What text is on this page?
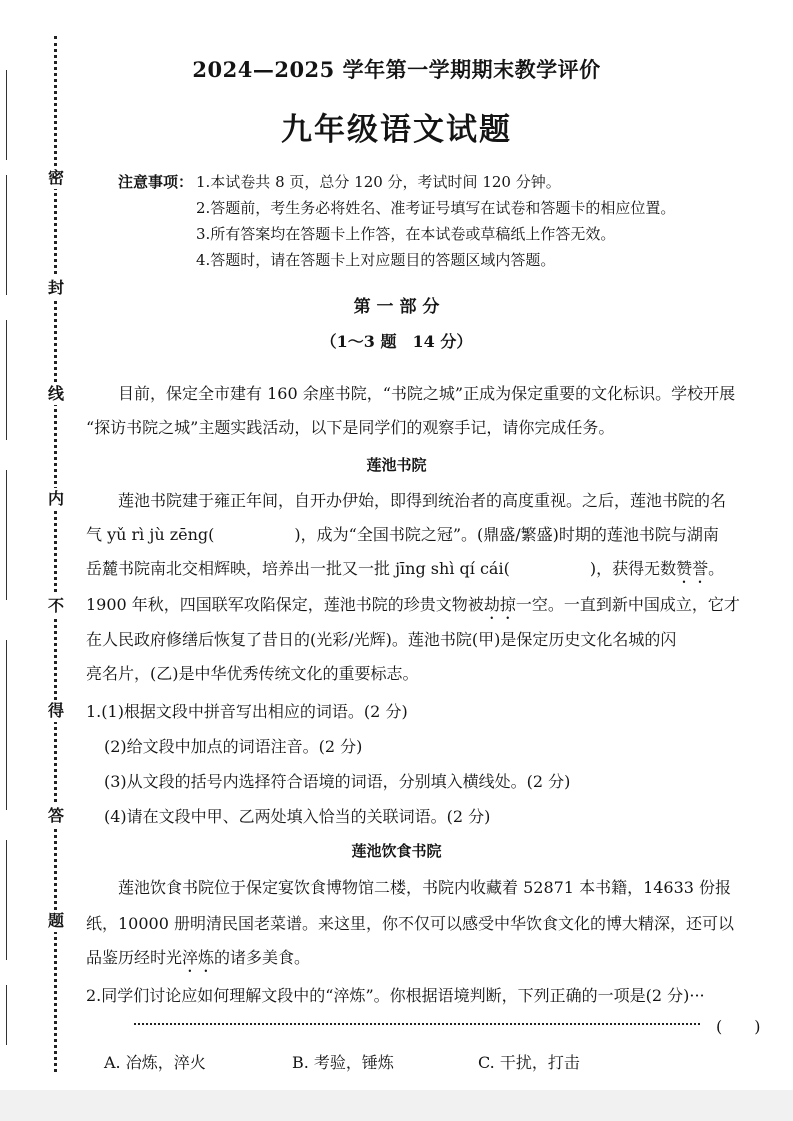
密
封
线
内
不
得
答
题
2024—2025 学年第一学期期末教学评价
九年级语文试题
注意事项： 1.本试卷共 8 页，总分 120 分，考试时间 120 分钟。
2.答题前，考生务必将姓名、准考证号填写在试卷和答题卡的相应位置。
3.所有答案均在答题卡上作答，在本试卷或草稿纸上作答无效。
4.答题时，请在答题卡上对应题目的答题区域内答题。
第 一 部 分
（1～3 题　14 分）
目前，保定全市建有 160 余座书院，“书院之城”正成为保定重要的文化标识。学校开展
“探访书院之城”主题实践活动，以下是同学们的观察手记，请你完成任务。
莲池书院
莲池书院建于雍正年间，自开办伊始，即得到统治者的高度重视。之后，莲池书院的名
气 yǔ rì jù zēng(	)，成为“全国书院之冠”。(鼎盛/繁盛)时期的莲池书院与湖南
岳麓书院南北交相辉映，培养出一批又一批 jīng shì qí cái(	)，获得无数赞誉。
1900 年秋，四国联军攻陷保定，莲池书院的珍贵文物被劫掠一空。一直到新中国成立，它才
在人民政府修缮后恢复了昔日的(光彩/光辉)。莲池书院(甲)是保定历史文化名城的闪
亮名片，(乙)是中华优秀传统文化的重要标志。
1.(1)根据文段中拼音写出相应的词语。(2 分)
(2)给文段中加点的词语注音。(2 分)
(3)从文段的括号内选择符合语境的词语，分别填入横线处。(2 分)
(4)请在文段中甲、乙两处填入恰当的关联词语。(2 分)
莲池饮食书院
莲池饮食书院位于保定宴饮食博物馆二楼，书院内收藏着 52871 本书籍，14633 份报
纸，10000 册明清民国老菜谱。来这里，你不仅可以感受中华饮食文化的博大精深，还可以
品鉴历经时光淬炼的诸多美食。
2.同学们讨论应如何理解文段中的“淬炼”。你根据语境判断，下列正确的一项是(2 分)···
(　　)
A. 冶炼，淬火	B. 考验，锤炼	C. 干扰，打击
